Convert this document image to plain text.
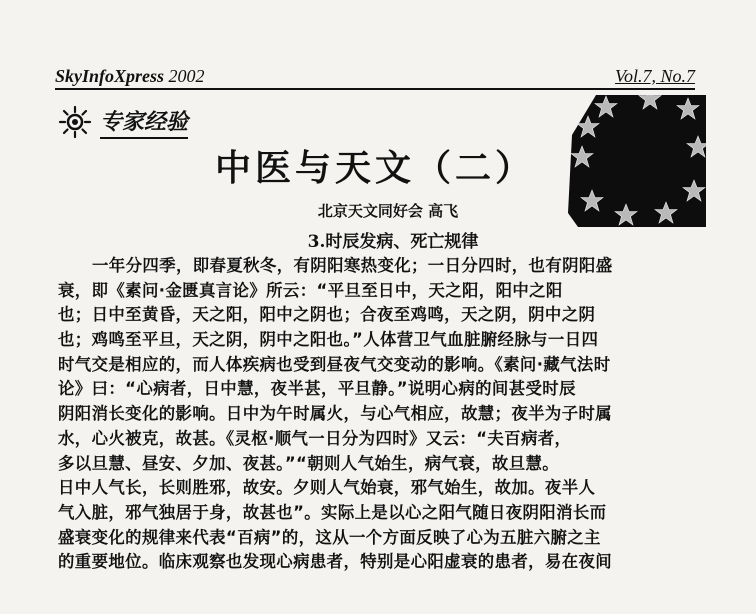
SkyInfoXpress 2002	Vol.7, No.7
专家经验
中医与天文（二）
北京天文同好会 高飞
3.时辰发病、死亡规律
一年分四季，即春夏秋冬，有阴阳寒热变化；一日分四时，也有阴阳盛
衰，即《素问·金匮真言论》所云：“平旦至日中，天之阳，阳中之阳
也；日中至黄昏，天之阳，阳中之阴也；合夜至鸡鸣，天之阴，阴中之阴
也；鸡鸣至平旦，天之阴，阴中之阳也。”人体营卫气血脏腑经脉与一日四
时气交是相应的，而人体疾病也受到昼夜气交变动的影响。《素问·藏气法时
论》曰：“心病者，日中慧，夜半甚，平旦静。”说明心病的间甚受时辰
阴阳消长变化的影响。日中为午时属火，与心气相应，故慧；夜半为子时属
水，心火被克，故甚。《灵枢·顺气一日分为四时》又云：“夫百病者，
多以旦慧、昼安、夕加、夜甚。”“朝则人气始生，病气衰，故旦慧。
日中人气长，长则胜邪，故安。夕则人气始衰，邪气始生，故加。夜半人
气入脏，邪气独居于身，故甚也”。实际上是以心之阳气随日夜阴阳消长而
盛衰变化的规律来代表“百病”的，这从一个方面反映了心为五脏六腑之主
的重要地位。临床观察也发现心病患者，特别是心阳虚衰的患者，易在夜间
